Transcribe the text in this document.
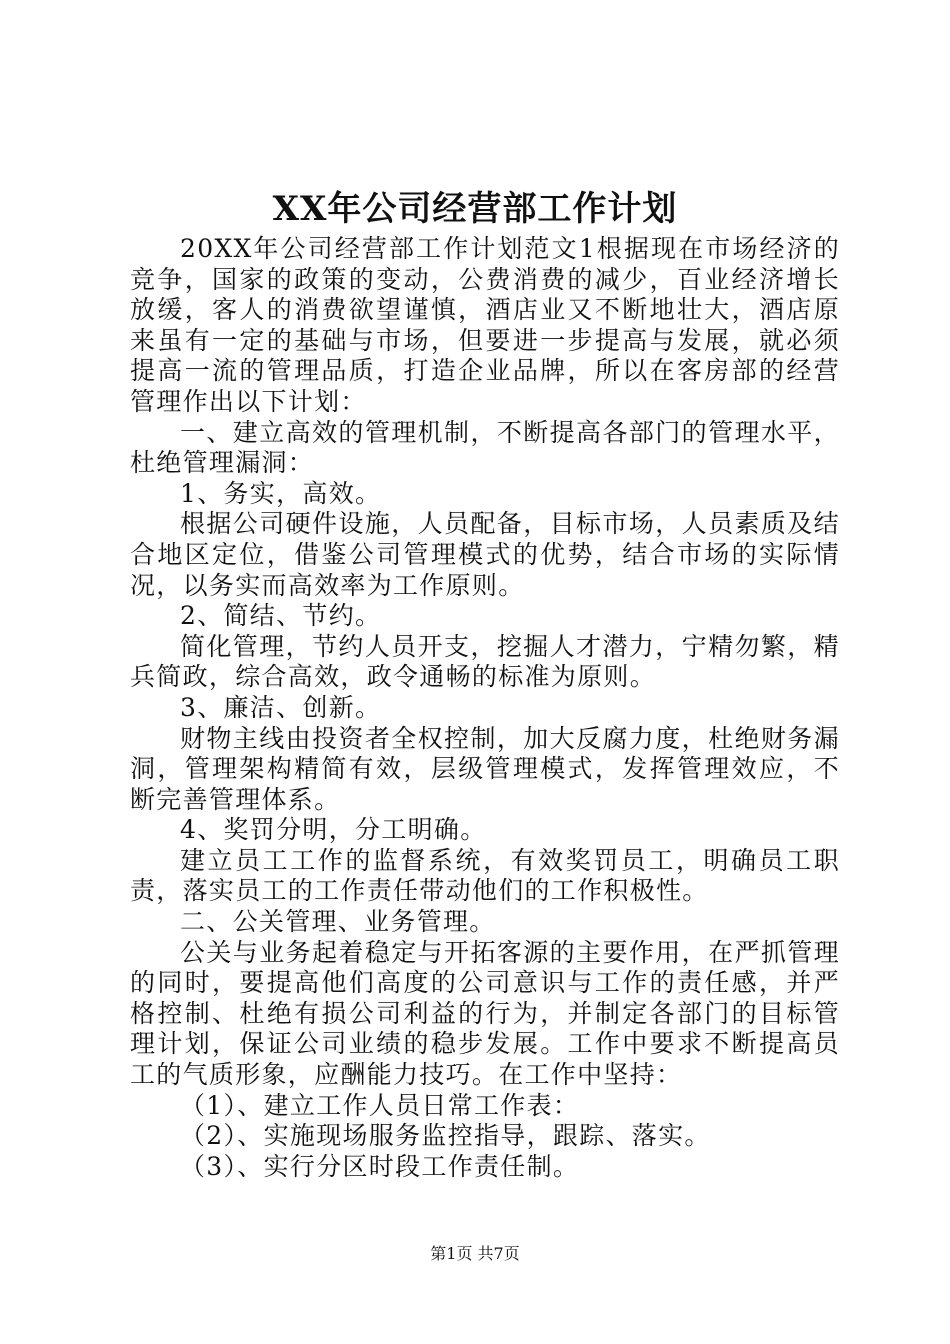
XX年公司经营部工作计划

20XX年公司经营部工作计划范文1根据现在市场经济的竞争，国家的政策的变动，公费消费的减少，百业经济增长放缓，客人的消费欲望谨慎，酒店业又不断地壮大，酒店原来虽有一定的基础与市场，但要进一步提高与发展，就必须提高一流的管理品质，打造企业品牌，所以在客房部的经营管理作出以下计划：

一、建立高效的管理机制，不断提高各部门的管理水平，杜绝管理漏洞：

1、务实，高效。

根据公司硬件设施，人员配备，目标市场，人员素质及结合地区定位，借鉴公司管理模式的优势，结合市场的实际情况，以务实而高效率为工作原则。

2、简结、节约。

简化管理，节约人员开支，挖掘人才潜力，宁精勿繁，精兵简政，综合高效，政令通畅的标准为原则。

3、廉洁、创新。

财物主线由投资者全权控制，加大反腐力度，杜绝财务漏洞，管理架构精简有效，层级管理模式，发挥管理效应，不断完善管理体系。

4、奖罚分明，分工明确。

建立员工工作的监督系统，有效奖罚员工，明确员工职责，落实员工的工作责任带动他们的工作积极性。

二、公关管理、业务管理。

公关与业务起着稳定与开拓客源的主要作用，在严抓管理的同时，要提高他们高度的公司意识与工作的责任感，并严格控制、杜绝有损公司利益的行为，并制定各部门的目标管理计划，保证公司业绩的稳步发展。工作中要求不断提高员工的气质形象，应酬能力技巧。在工作中坚持：

（1）、建立工作人员日常工作表：

（2）、实施现场服务监控指导，跟踪、落实。

（3）、实行分区时段工作责任制。

第1页 共7页
